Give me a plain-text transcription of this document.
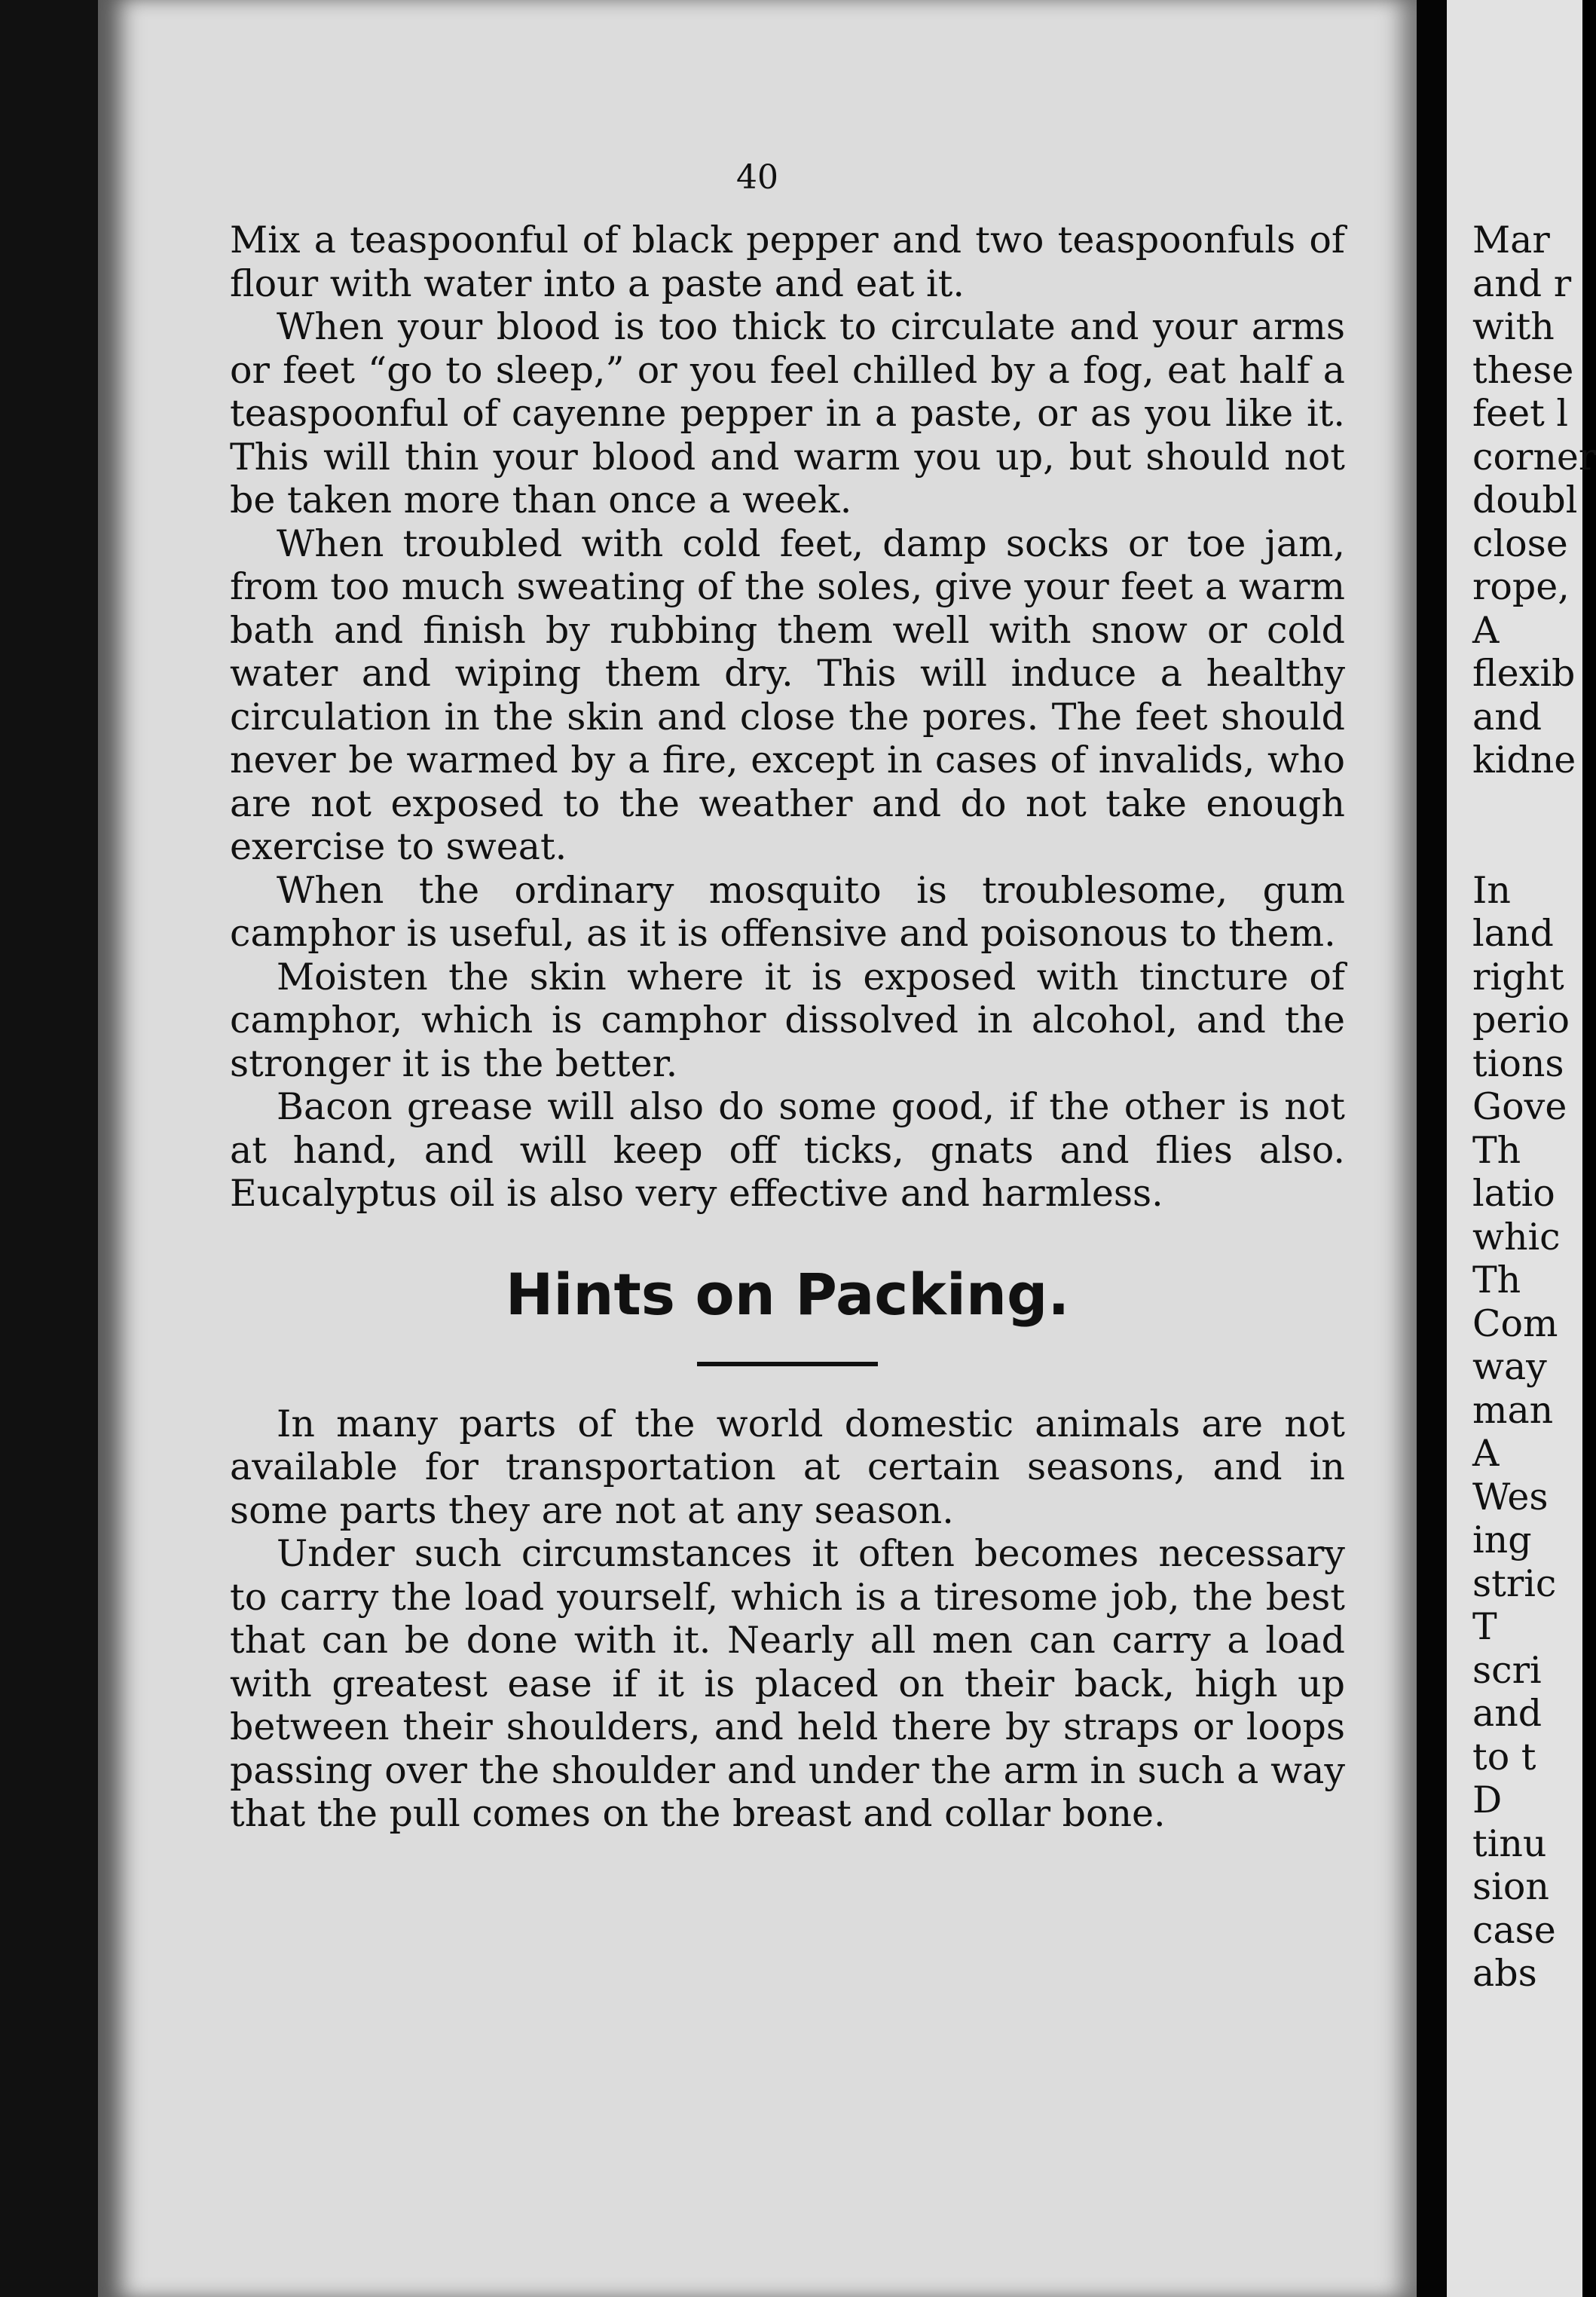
40

Mix a teaspoonful of black pepper and two teaspoonfuls of flour with water into a paste and eat it.

When your blood is too thick to circulate and your arms or feet “go to sleep,” or you feel chilled by a fog, eat half a teaspoonful of cayenne pepper in a paste, or as you like it. This will thin your blood and warm you up, but should not be taken more than once a week.

When troubled with cold feet, damp socks or toe jam, from too much sweating of the soles, give your feet a warm bath and finish by rubbing them well with snow or cold water and wiping them dry. This will induce a healthy circulation in the skin and close the pores. The feet should never be warmed by a fire, except in cases of invalids, who are not exposed to the weather and do not take enough exercise to sweat.

When the ordinary mosquito is troublesome, gum camphor is useful, as it is offensive and poisonous to them.

Moisten the skin where it is exposed with tincture of camphor, which is camphor dissolved in alcohol, and the stronger it is the better.

Bacon grease will also do some good, if the other is not at hand, and will keep off ticks, gnats and flies also. Eucalyptus oil is also very effective and harmless.

Hints on Packing.

In many parts of the world domestic animals are not available for transportation at certain seasons, and in some parts they are not at any season.

Under such circumstances it often becomes necessary to carry the load yourself, which is a tiresome job, the best that can be done with it. Nearly all men can carry a load with greatest ease if it is placed on their back, high up between their shoulders, and held there by straps or loops passing over the shoulder and under the arm in such a way that the pull comes on the breast and collar bone.

Mar
and r
with
these
feet l
corner
doubl
close
rope,
A
flexib
and
kidne
In
land
right
perio
tions
Gove
Th
latio
whic
Th
Com
way
man
A
Wes
ing
stric
T
scri
and
to t
D
tinu
sion
case
abs
